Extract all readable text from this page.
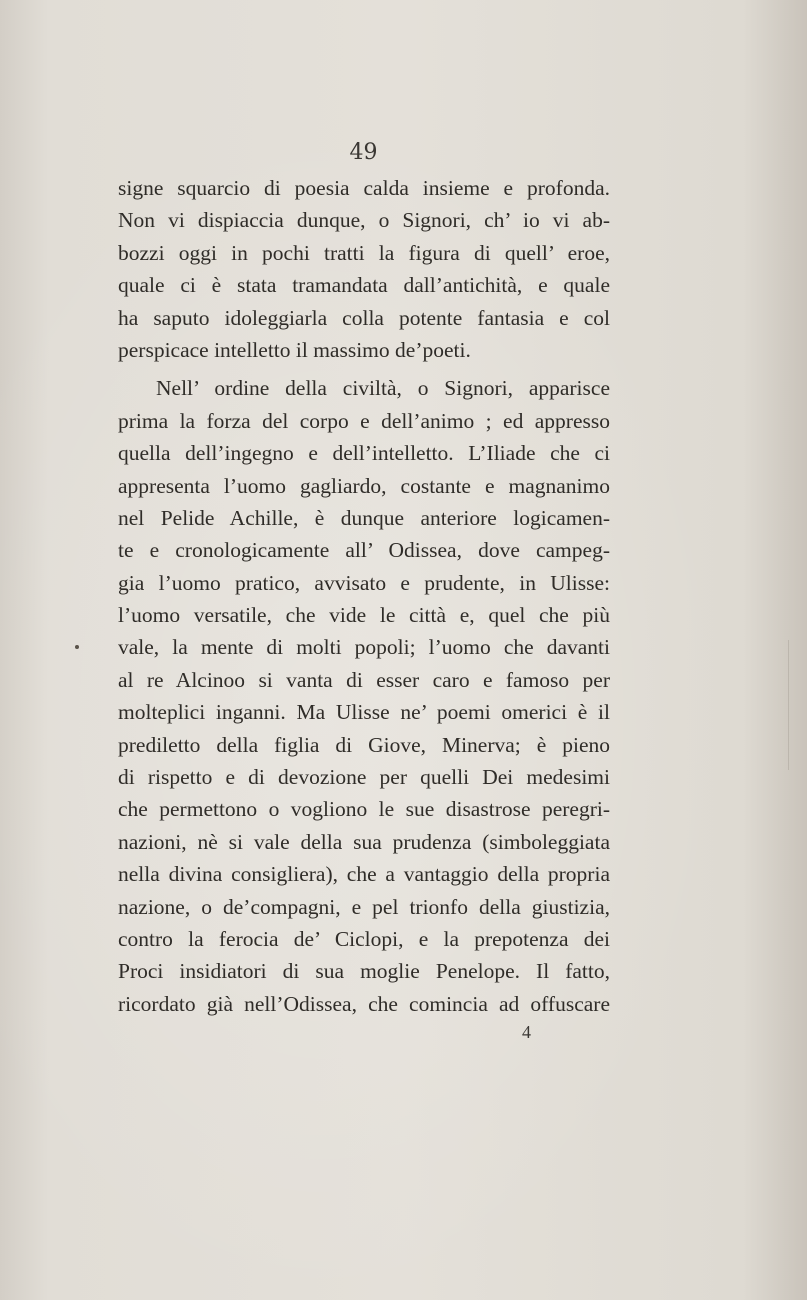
49
signe squarcio di poesia calda insieme e profonda.
Non vi dispiaccia dunque, o Signori, ch’ io vi ab-
bozzi oggi in pochi tratti la figura di quell’ eroe,
quale ci è stata tramandata dall’antichità, e quale
ha saputo idoleggiarla colla potente fantasia e col
perspicace intelletto il massimo de’poeti.
Nell’ ordine della civiltà, o Signori, apparisce
prima la forza del corpo e dell’animo ; ed appresso
quella dell’ingegno e dell’intelletto. L’Iliade che ci
appresenta l’uomo gagliardo, costante e magnanimo
nel Pelide Achille, è dunque anteriore logicamen-
te e cronologicamente all’ Odissea, dove campeg-
gia l’uomo pratico, avvisato e prudente, in Ulisse:
l’uomo versatile, che vide le città e, quel che più
vale, la mente di molti popoli; l’uomo che davanti
al re Alcinoo si vanta di esser caro e famoso per
molteplici inganni. Ma Ulisse ne’ poemi omerici è il
prediletto della figlia di Giove, Minerva; è pieno
di rispetto e di devozione per quelli Dei medesimi
che permettono o vogliono le sue disastrose peregri-
nazioni, nè si vale della sua prudenza (simboleggiata
nella divina consigliera), che a vantaggio della propria
nazione, o de’compagni, e pel trionfo della giustizia,
contro la ferocia de’ Ciclopi, e la prepotenza dei
Proci insidiatori di sua moglie Penelope. Il fatto,
ricordato già nell’Odissea, che comincia ad offuscare
4
